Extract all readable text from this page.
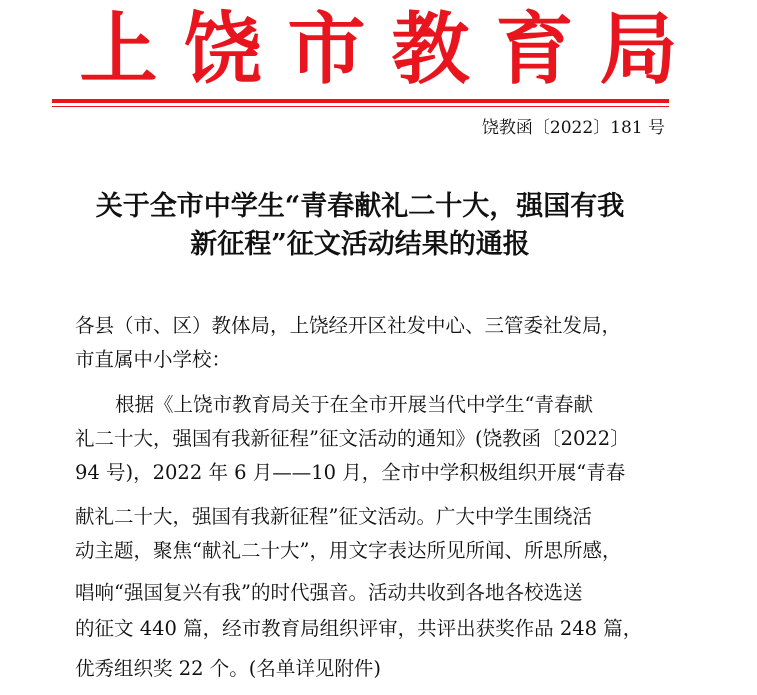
上饶市教育局
饶教函〔2022〕181 号
关于全市中学生“青春献礼二十大，强国有我
新征程”征文活动结果的通报
各县（市、区）教体局，上饶经开区社发中心、三管委社发局，
市直属中小学校：
根据《上饶市教育局关于在全市开展当代中学生“青春献
礼二十大，强国有我新征程”征文活动的通知》(饶教函〔2022〕
94 号)，2022 年 6 月——10 月，全市中学积极组织开展“青春
献礼二十大，强国有我新征程”征文活动。广大中学生围绕活
动主题，聚焦“献礼二十大”，用文字表达所见所闻、所思所感，
唱响“强国复兴有我”的时代强音。活动共收到各地各校选送
的征文 440 篇，经市教育局组织评审，共评出获奖作品 248 篇，
优秀组织奖 22 个。(名单详见附件)
